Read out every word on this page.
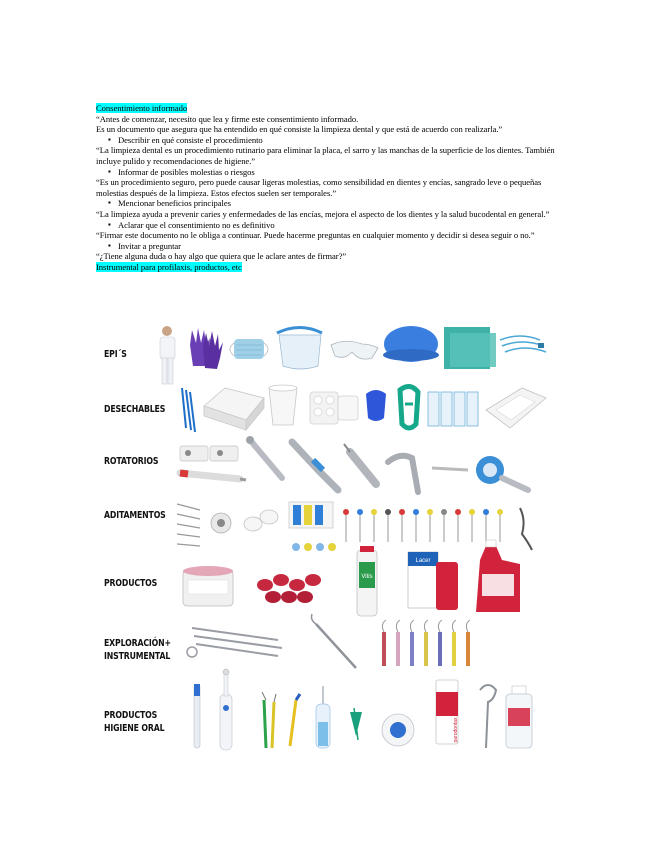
Consentimiento informado

“Antes de comenzar, necesito que lea y firme este consentimiento informado.

Es un documento que asegura que ha entendido en qué consiste la limpieza dental y que está de acuerdo con realizarla.”

▪ Describir en qué consiste el procedimiento

“La limpieza dental es un procedimiento rutinario para eliminar la placa, el sarro y las manchas de la superficie de los dientes. También incluye pulido y recomendaciones de higiene.”

▪ Informar de posibles molestias o riesgos

“Es un procedimiento seguro, pero puede causar ligeras molestias, como sensibilidad en dientes y encías, sangrado leve o pequeñas molestias después de la limpieza. Estos efectos suelen ser temporales.”

▪ Mencionar beneficios principales

“La limpieza ayuda a prevenir caries y enfermedades de las encías, mejora el aspecto de los dientes y la salud bucodental en general.”

▪ Aclarar que el consentimiento no es definitivo

“Firmar este documento no le obliga a continuar. Puede hacerme preguntas en cualquier momento y decidir si desea seguir o no.”

▪ Invitar a preguntar

“¿Tiene alguna duda o hay algo que quiera que le aclare antes de firmar?”

Instrumental para profilaxis, productos, etc

EPI´S
DESECHABLES
ROTATORIOS
ADITAMENTOS
PRODUCTOS
EXPLORACIÓN+
INSTRUMENTAL
PRODUCTOS
HIGIENE ORAL
Vitis
Lacer
parodontax
